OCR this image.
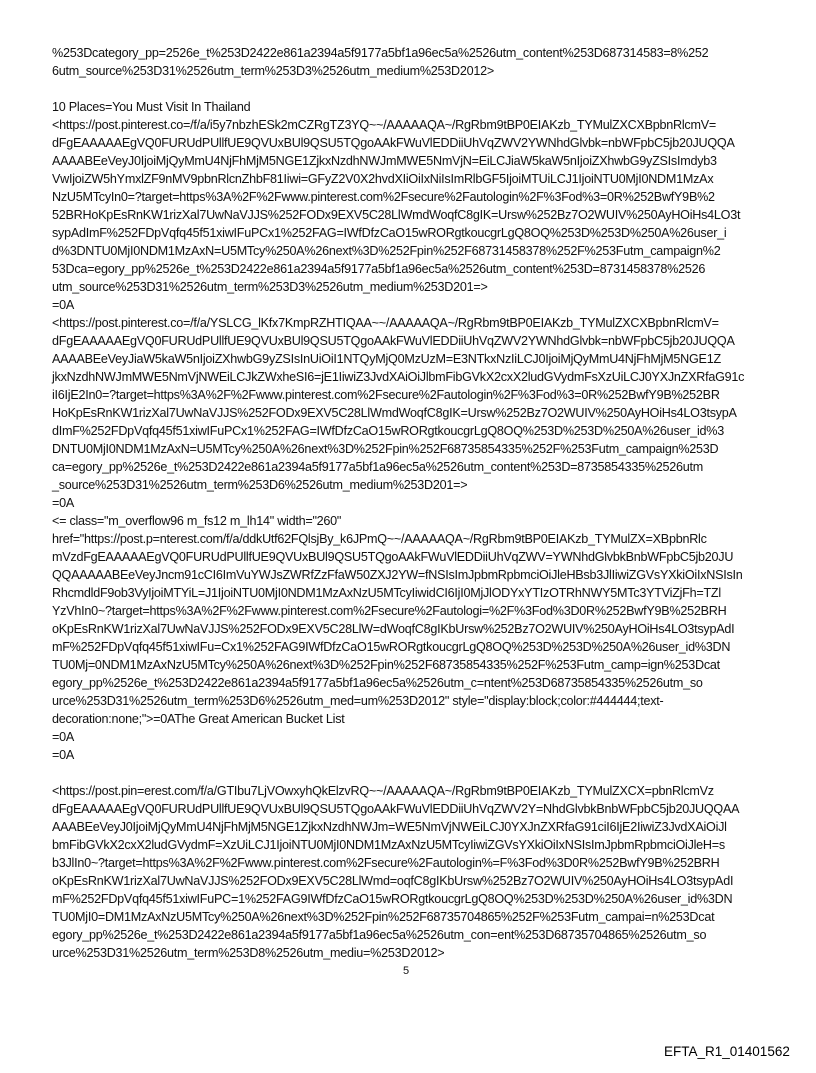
%253Dcategory_pp=2526e_t%253D2422e861a2394a5f9177a5bf1a96ec5a%2526utm_content%253D687314583=8%252
6utm_source%253D31%2526utm_term%253D3%2526utm_medium%253D2012>
10 Places=You Must Visit In Thailand
<https://post.pinterest.co=/f/a/i5y7nbzhESk2mCZRgTZ3YQ~~/AAAAAQA~/RgRbm9tBP0EIAKzb_TYMulZXCXBpbnRlcmV=
dFgEAAAAAEgVQ0FURUdPUllfUE9QVUxBUl9QSU5TQgoAAkFWuVlEDDiiUhVqZWV2YWNhdGlvbk=nbWFpbC5jb20JUQQA
AAAABEeVeyJ0IjoiMjQyMmU4NjFhMjM5NGE1ZjkxNzdhNWJmMWE5NmVjN=EiLCJiaW5kaW5nIjoiZXhwbG9yZSIsImdyb3
VwIjoiZW5hYmxlZF9nMV9pbnRlcnZhbF81Iiwi=GFyZ2V0X2hvdXIiOiIxNiIsImRlbGF5IjoiMTUiLCJ1IjoiNTU0MjI0NDM1MzAx
NzU5MTcyIn0=?target=https%3A%2F%2Fwww.pinterest.com%2Fsecure%2Fautologin%2F%3Fod%3=0R%252BwfY9B%2
52BRHoKpEsRnKW1rizXal7UwNaVJJS%252FODx9EXV5C28LlWmdWoqfC8gIK=Ursw%252Bz7O2WUIV%250AyHOiHs4LO3t
sypAdImF%252FDpVqfq45f51xiwIFuPCx1%252FAG=IWfDfzCaO15wRORgtkoucgrLgQ8OQ%253D%253D%250A%26user_i
d%3DNTU0MjI0NDM1MzAxN=U5MTcy%250A%26next%3D%252Fpin%252F68731458378%252F%253Futm_campaign%2
53Dca=egory_pp%2526e_t%253D2422e861a2394a5f9177a5bf1a96ec5a%2526utm_content%253D=8731458378%2526
utm_source%253D31%2526utm_term%253D3%2526utm_medium%253D201=>
=0A
<https://post.pinterest.co=/f/a/YSLCG_lKfx7KmpRZHTIQAA~~/AAAAAQA~/RgRbm9tBP0EIAKzb_TYMulZXCXBpbnRlcmV=
dFgEAAAAAEgVQ0FURUdPUllfUE9QVUxBUl9QSU5TQgoAAkFWuVlEDDiiUhVqZWV2YWNhdGlvbk=nbWFpbC5jb20JUQQA
AAAABEeVeyJiaW5kaW5nIjoiZXhwbG9yZSIsInUiOiI1NTQyMjQ0MzUzM=E3NTkxNzIiLCJ0IjoiMjQyMmU4NjFhMjM5NGE1Z
jkxNzdhNWJmMWE5NmVjNWEiLCJkZWxheSI6=jE1IiwiZ3JvdXAiOiJlbmFibGVkX2cxX2ludGVydmFsXzUiLCJ0YXJnZXRfaG91c
iI6IjE2In0=?target=https%3A%2F%2Fwww.pinterest.com%2Fsecure%2Fautologin%2F%3Fod%3=0R%252BwfY9B%252BR
HoKpEsRnKW1rizXal7UwNaVJJS%252FODx9EXV5C28LlWmdWoqfC8gIK=Ursw%252Bz7O2WUIV%250AyHOiHs4LO3tsypA
dImF%252FDpVqfq45f51xiwIFuPCx1%252FAG=IWfDfzCaO15wRORgtkoucgrLgQ8OQ%253D%253D%250A%26user_id%3
DNTU0MjI0NDM1MzAxN=U5MTcy%250A%26next%3D%252Fpin%252F68735854335%252F%253Futm_campaign%253D
ca=egory_pp%2526e_t%253D2422e861a2394a5f9177a5bf1a96ec5a%2526utm_content%253D=8735854335%2526utm
_source%253D31%2526utm_term%253D6%2526utm_medium%253D201=>
=0A
<= class="m_overflow96 m_fs12 m_lh14" width="260"
href="https://post.p=nterest.com/f/a/ddkUtf62FQlsjBy_k6JPmQ~~/AAAAAQA~/RgRbm9tBP0EIAKzb_TYMulZX=XBpbnRlc
mVzdFgEAAAAAEgVQ0FURUdPUllfUE9QVUxBUl9QSU5TQgoAAkFWuVlEDDiiUhVqZWV=YWNhdGlvbkBnbWFpbC5jb20JU
QQAAAAABEeVeyJncm91cCI6ImVuYWJsZWRfZzFfaW50ZXJ2YW=fNSIsImJpbmRpbmciOiJleHBsb3JlIiwiZGVsYXkiOiIxNSIsIn
RhcmdldF9ob3VyIjoiMTYiL=J1IjoiNTU0MjI0NDM1MzAxNzU5MTcyIiwidCI6IjI0MjJlODYxYTIzOTRhNWY5MTc3YTViZjFh=TZl
YzVhIn0~?target=https%3A%2F%2Fwww.pinterest.com%2Fsecure%2Fautologi=%2F%3Fod%3D0R%252BwfY9B%252BRH
oKpEsRnKW1rizXal7UwNaVJJS%252FODx9EXV5C28LlW=dWoqfC8gIKbUrsw%252Bz7O2WUIV%250AyHOiHs4LO3tsypAdI
mF%252FDpVqfq45f51xiwIFu=Cx1%252FAG9IWfDfzCaO15wRORgtkoucgrLgQ8OQ%253D%253D%250A%26user_id%3DN
TU0Mj=0NDM1MzAxNzU5MTcy%250A%26next%3D%252Fpin%252F68735854335%252F%253Futm_camp=ign%253Dcat
egory_pp%2526e_t%253D2422e861a2394a5f9177a5bf1a96ec5a%2526utm_c=ntent%253D68735854335%2526utm_so
urce%253D31%2526utm_term%253D6%2526utm_med=um%253D2012" style="display:block;color:#444444;text-
decoration:none;">=0AThe Great American Bucket List
=0A
=0A
<https://post.pin=erest.com/f/a/GTIbu7LjVOwxyhQkElzvRQ~~/AAAAAQA~/RgRbm9tBP0EIAKzb_TYMulZXCX=pbnRlcmVz
dFgEAAAAAEgVQ0FURUdPUllfUE9QVUxBUl9QSU5TQgoAAkFWuVlEDDiiUhVqZWV2Y=NhdGlvbkBnbWFpbC5jb20JUQQAA
AAABEeVeyJ0IjoiMjQyMmU4NjFhMjM5NGE1ZjkxNzdhNWJm=WE5NmVjNWEiLCJ0YXJnZXRfaG91ciI6IjE2IiwiZ3JvdXAiOiJl
bmFibGVkX2cxX2ludGVydmF=XzUiLCJ1IjoiNTU0MjI0NDM1MzAxNzU5MTcyIiwiZGVsYXkiOiIxNSIsImJpbmRpbmciOiJleH=s
b3JlIn0~?target=https%3A%2F%2Fwww.pinterest.com%2Fsecure%2Fautologin%=F%3Fod%3D0R%252BwfY9B%252BRH
oKpEsRnKW1rizXal7UwNaVJJS%252FODx9EXV5C28LlWmd=oqfC8gIKbUrsw%252Bz7O2WUIV%250AyHOiHs4LO3tsypAdI
mF%252FDpVqfq45f51xiwIFuPC=1%252FAG9IWfDfzCaO15wRORgtkoucgrLgQ8OQ%253D%253D%250A%26user_id%3DN
TU0MjI0=DM1MzAxNzU5MTcy%250A%26next%3D%252Fpin%252F68735704865%252F%253Futm_campai=n%253Dcat
egory_pp%2526e_t%253D2422e861a2394a5f9177a5bf1a96ec5a%2526utm_con=ent%253D68735704865%2526utm_so
urce%253D31%2526utm_term%253D8%2526utm_mediu=%253D2012>
5
EFTA_R1_01401562
